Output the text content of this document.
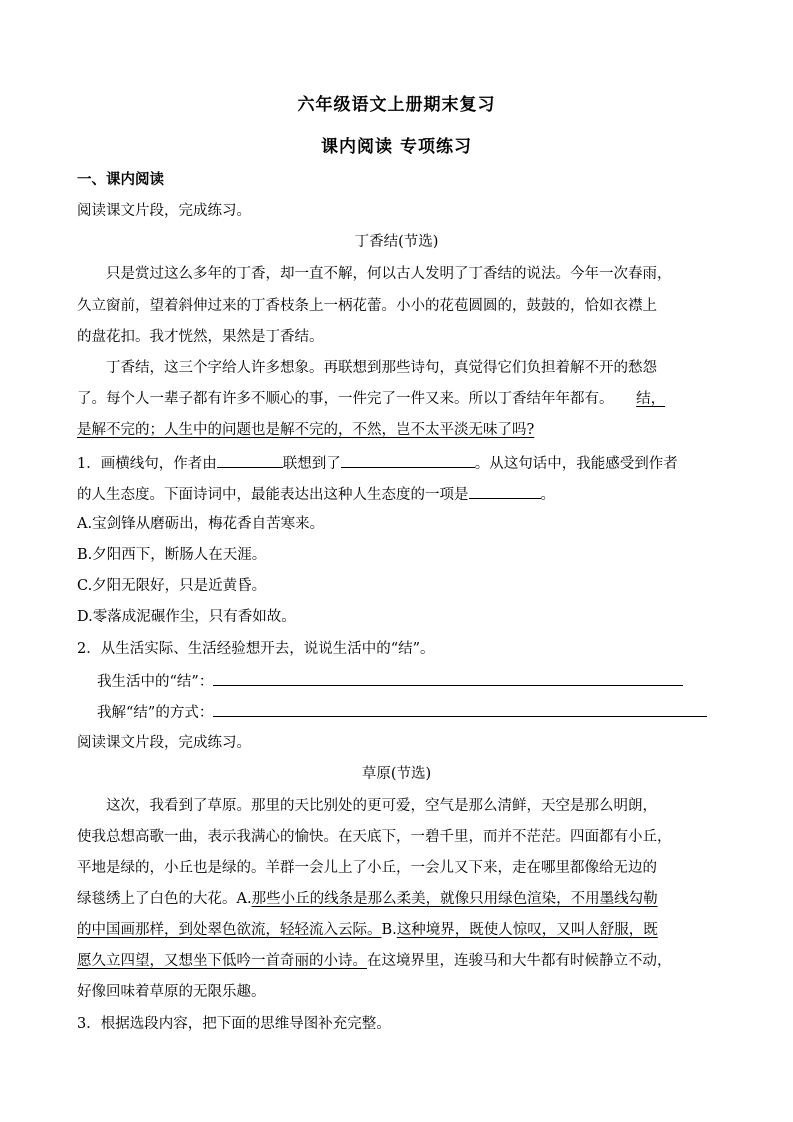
六年级语文上册期末复习
课内阅读 专项练习
一、课内阅读
阅读课文片段，完成练习。
丁香结(节选)
只是赏过这么多年的丁香，却一直不解，何以古人发明了丁香结的说法。今年一次春雨，
久立窗前，望着斜伸过来的丁香枝条上一柄花蕾。小小的花苞圆圆的，鼓鼓的，恰如衣襟上
的盘花扣。我才恍然，果然是丁香结。
丁香结，这三个字给人许多想象。再联想到那些诗句，真觉得它们负担着解不开的愁怨
了。每个人一辈子都有许多不顺心的事，一件完了一件又来。所以丁香结年年都有。 结，
是解不完的；人生中的问题也是解不完的，不然，岂不太平淡无味了吗?
1．画横线句，作者由	联想到了	。从这句话中，我能感受到作者
的人生态度。下面诗词中，最能表达出这种人生态度的一项是	。
A.宝剑锋从磨砺出，梅花香自苦寒来。
B.夕阳西下，断肠人在天涯。
C.夕阳无限好，只是近黄昏。
D.零落成泥碾作尘，只有香如故。
2．从生活实际、生活经验想开去，说说生活中的“结”。
我生活中的“结”：
我解“结”的方式：
阅读课文片段，完成练习。
草原(节选)
这次，我看到了草原。那里的天比别处的更可爱，空气是那么清鲜，天空是那么明朗，
使我总想高歌一曲，表示我满心的愉快。在天底下，一碧千里，而并不茫茫。四面都有小丘，
平地是绿的，小丘也是绿的。羊群一会儿上了小丘，一会儿又下来，走在哪里都像给无边的
绿毯绣上了白色的大花。A.那些小丘的线条是那么柔美，就像只用绿色渲染，不用墨线勾勒
的中国画那样，到处翠色欲流，轻轻流入云际。B.这种境界，既使人惊叹，又叫人舒服，既
愿久立四望，又想坐下低吟一首奇丽的小诗。在这境界里，连骏马和大牛都有时候静立不动，
好像回味着草原的无限乐趣。
3．根据选段内容，把下面的思维导图补充完整。
